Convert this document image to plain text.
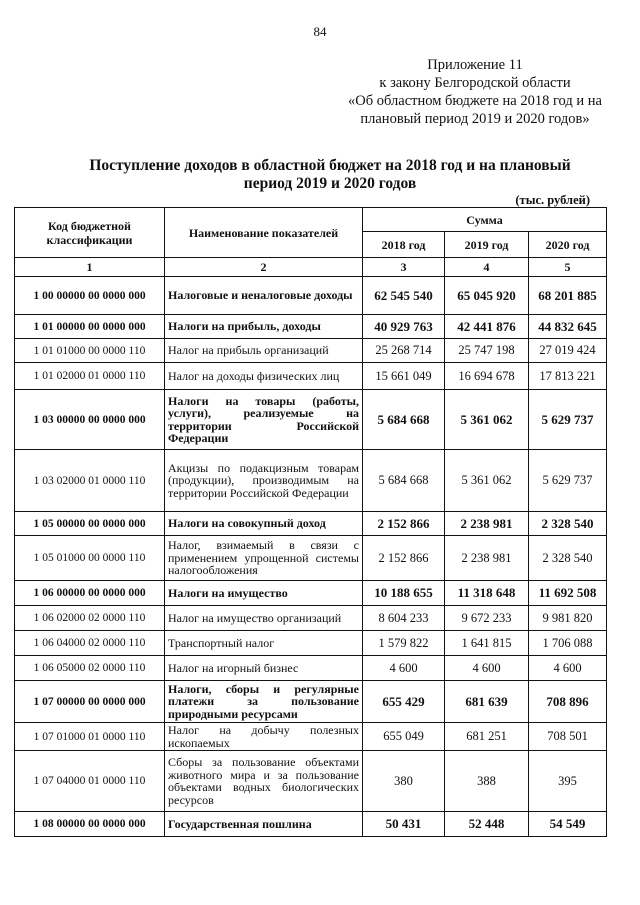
84
Приложение 11
к закону Белгородской области
«Об областном бюджете на 2018 год и на
плановый период 2019 и 2020 годов»
Поступление доходов в областной бюджет на 2018 год и на плановый
период 2019 и 2020 годов
(тыс. рублей)
Код бюджетной классификации	Наименование показателей	Сумма		
		2018 год	2019 год	2020 год
1	2	3	4	5
1 00 00000 00 0000 000	Налоговые и неналоговые доходы	62 545 540	65 045 920	68 201 885
1 01 00000 00 0000 000	Налоги на прибыль, доходы	40 929 763	42 441 876	44 832 645
1 01 01000 00 0000 110	Налог на прибыль организаций	25 268 714	25 747 198	27 019 424
1 01 02000 01 0000 110	Налог на доходы физических лиц	15 661 049	16 694 678	17 813 221
1 03 00000 00 0000 000	Налоги на товары (работы, услуги), реализуемые на территории Российской Федерации	5 684 668	5 361 062	5 629 737
1 03 02000 01 0000 110	Акцизы по подакцизным товарам (продукции), производимым на территории Российской Федерации	5 684 668	5 361 062	5 629 737
1 05 00000 00 0000 000	Налоги на совокупный доход	2 152 866	2 238 981	2 328 540
1 05 01000 00 0000 110	Налог, взимаемый в связи с применением упрощенной системы налогообложения	2 152 866	2 238 981	2 328 540
1 06 00000 00 0000 000	Налоги на имущество	10 188 655	11 318 648	11 692 508
1 06 02000 02 0000 110	Налог на имущество организаций	8 604 233	9 672 233	9 981 820
1 06 04000 02 0000 110	Транспортный налог	1 579 822	1 641 815	1 706 088
1 06 05000 02 0000 110	Налог на игорный бизнес	4 600	4 600	4 600
1 07 00000 00 0000 000	Налоги, сборы и регулярные платежи за пользование природными ресурсами	655 429	681 639	708 896
1 07 01000 01 0000 110	Налог на добычу полезных ископаемых	655 049	681 251	708 501
1 07 04000 01 0000 110	Сборы за пользование объектами животного мира и за пользование объектами водных биологических ресурсов	380	388	395
1 08 00000 00 0000 000	Государственная пошлина	50 431	52 448	54 549
